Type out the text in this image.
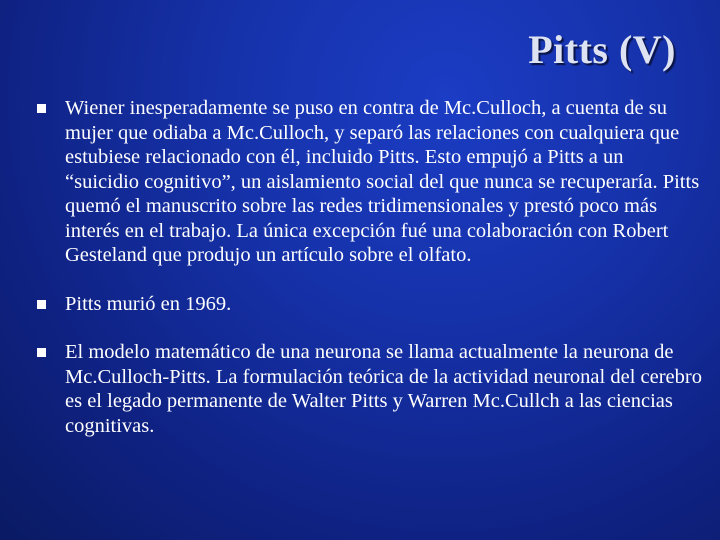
Pitts (V)
Wiener inesperadamente se puso en contra de Mc.Culloch, a cuenta de su mujer que odiaba a Mc.Culloch, y separó las relaciones con cualquiera que estubiese relacionado con él, incluido Pitts. Esto empujó a Pitts a un “suicidio cognitivo”, un aislamiento social del que nunca se recuperaría. Pitts quemó el manuscrito sobre las redes tridimensionales y prestó poco más interés en el trabajo. La única excepción fué una colaboración con Robert Gesteland que produjo un artículo sobre el olfato.
Pitts murió en 1969.
El modelo matemático de una neurona se llama actualmente la neurona de Mc.Culloch-Pitts. La formulación teórica de la actividad neuronal del cerebro es el legado permanente de Walter Pitts y Warren Mc.Cullch a las ciencias cognitivas.
